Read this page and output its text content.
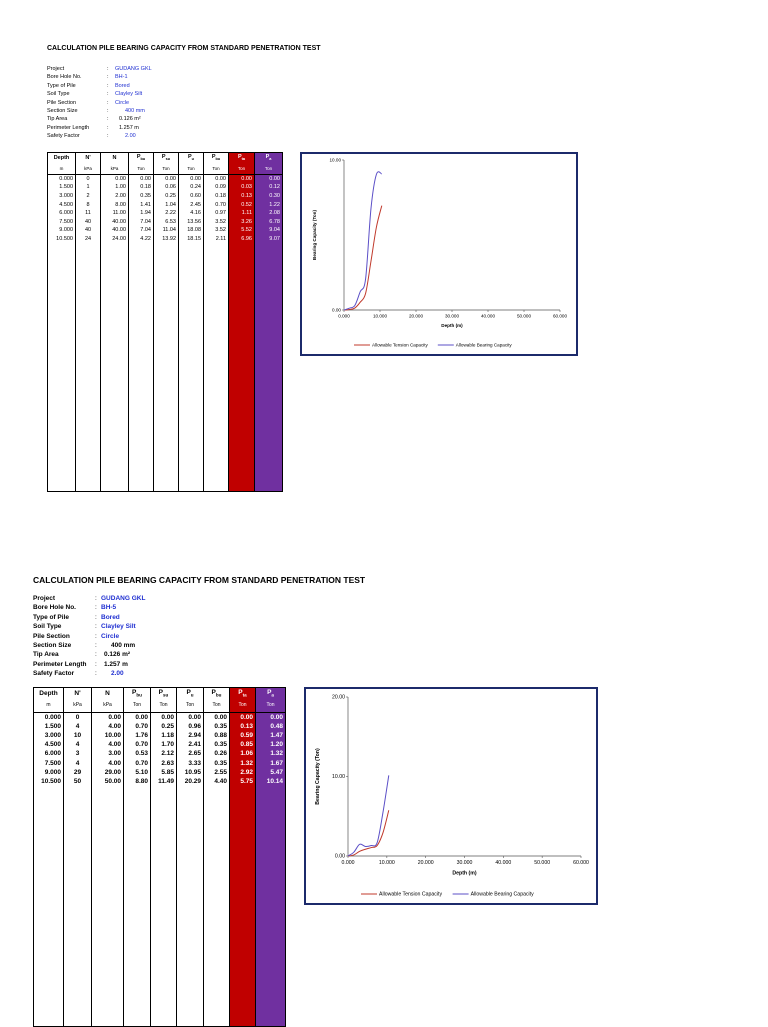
CALCULATION PILE BEARING CAPACITY FROM STANDARD PENETRATION TEST
Project	:	GUDANG GKL
Bore Hole No.	:	BH-1
Type of Pile	:	Bored
Soil Type	:	Clayley Silt
Pile Section	:	Circle
Section Size	:	400 mm
Tip Area	:	0.126 m²
Perimeter Length	:	1.257 m
Safety Factor	:	2.00
Depth	N'	N	$P_{bu}$	$P_{su}$	$P_u$	$P_{bu}$	$P_{ta}$	$P_a$
m	kPa	kPa	Ton	Ton	Ton	Ton	Ton	Ton
0.000	0	0.00	0.00	0.00	0.00	0.00	0.00	0.00
1.500	1	1.00	0.18	0.06	0.24	0.09	0.03	0.12
3.000	2	2.00	0.35	0.25	0.60	0.18	0.13	0.30
4.500	8	8.00	1.41	1.04	2.45	0.70	0.52	1.22
6.000	11	11.00	1.94	2.22	4.16	0.97	1.11	2.08
7.500	40	40.00	7.04	6.53	13.56	3.52	3.26	6.78
9.000	40	40.00	7.04	11.04	18.08	3.52	5.52	9.04
10.500	24	24.00	4.22	13.92	18.15	2.11	6.96	9.07

0.000	10.000	20.000	30.000	40.000	50.000	60.000
0.00
10.00
Depth (m)
Bearing Capacity (Ton)
Allowable Tension Capacity	Allowable Bearing Capacity
CALCULATION PILE BEARING CAPACITY FROM STANDARD PENETRATION TEST
Project	: GUDANG GKL
Bore Hole No.	: BH-5
Type of Pile	: Bored
Soil Type	: Clayley Silt
Pile Section	: Circle
Section Size	:	400 mm
Tip Area	:	0.126 m²
Perimeter Length	:	1.257 m
Safety Factor	:	2.00
Depth	N'	N	$P_{bu}$	$P_{su}$	$P_u$	$P_{bu}$	$P_{ta}$	$P_a$
m	kPa	kPa	Ton	Ton	Ton	Ton	Ton	Ton
0.000	0	0.00	0.00	0.00	0.00	0.00	0.00	0.00
1.500	4	4.00	0.70	0.25	0.96	0.35	0.13	0.48
3.000	10	10.00	1.76	1.18	2.94	0.88	0.59	1.47
4.500	4	4.00	0.70	1.70	2.41	0.35	0.85	1.20
6.000	3	3.00	0.53	2.12	2.65	0.26	1.06	1.32
7.500	4	4.00	0.70	2.63	3.33	0.35	1.32	1.67
9.000	29	29.00	5.10	5.85	10.95	2.55	2.92	5.47
10.500	50	50.00	8.80	11.49	20.29	4.40	5.75	10.14

0.000	10.000	20.000	30.000	40.000	50.000	60.000
0.00
10.00
20.00
Depth (m)
Bearing Capacity (Ton)
Allowable Tension Capacity	Allowable Bearing Capacity
